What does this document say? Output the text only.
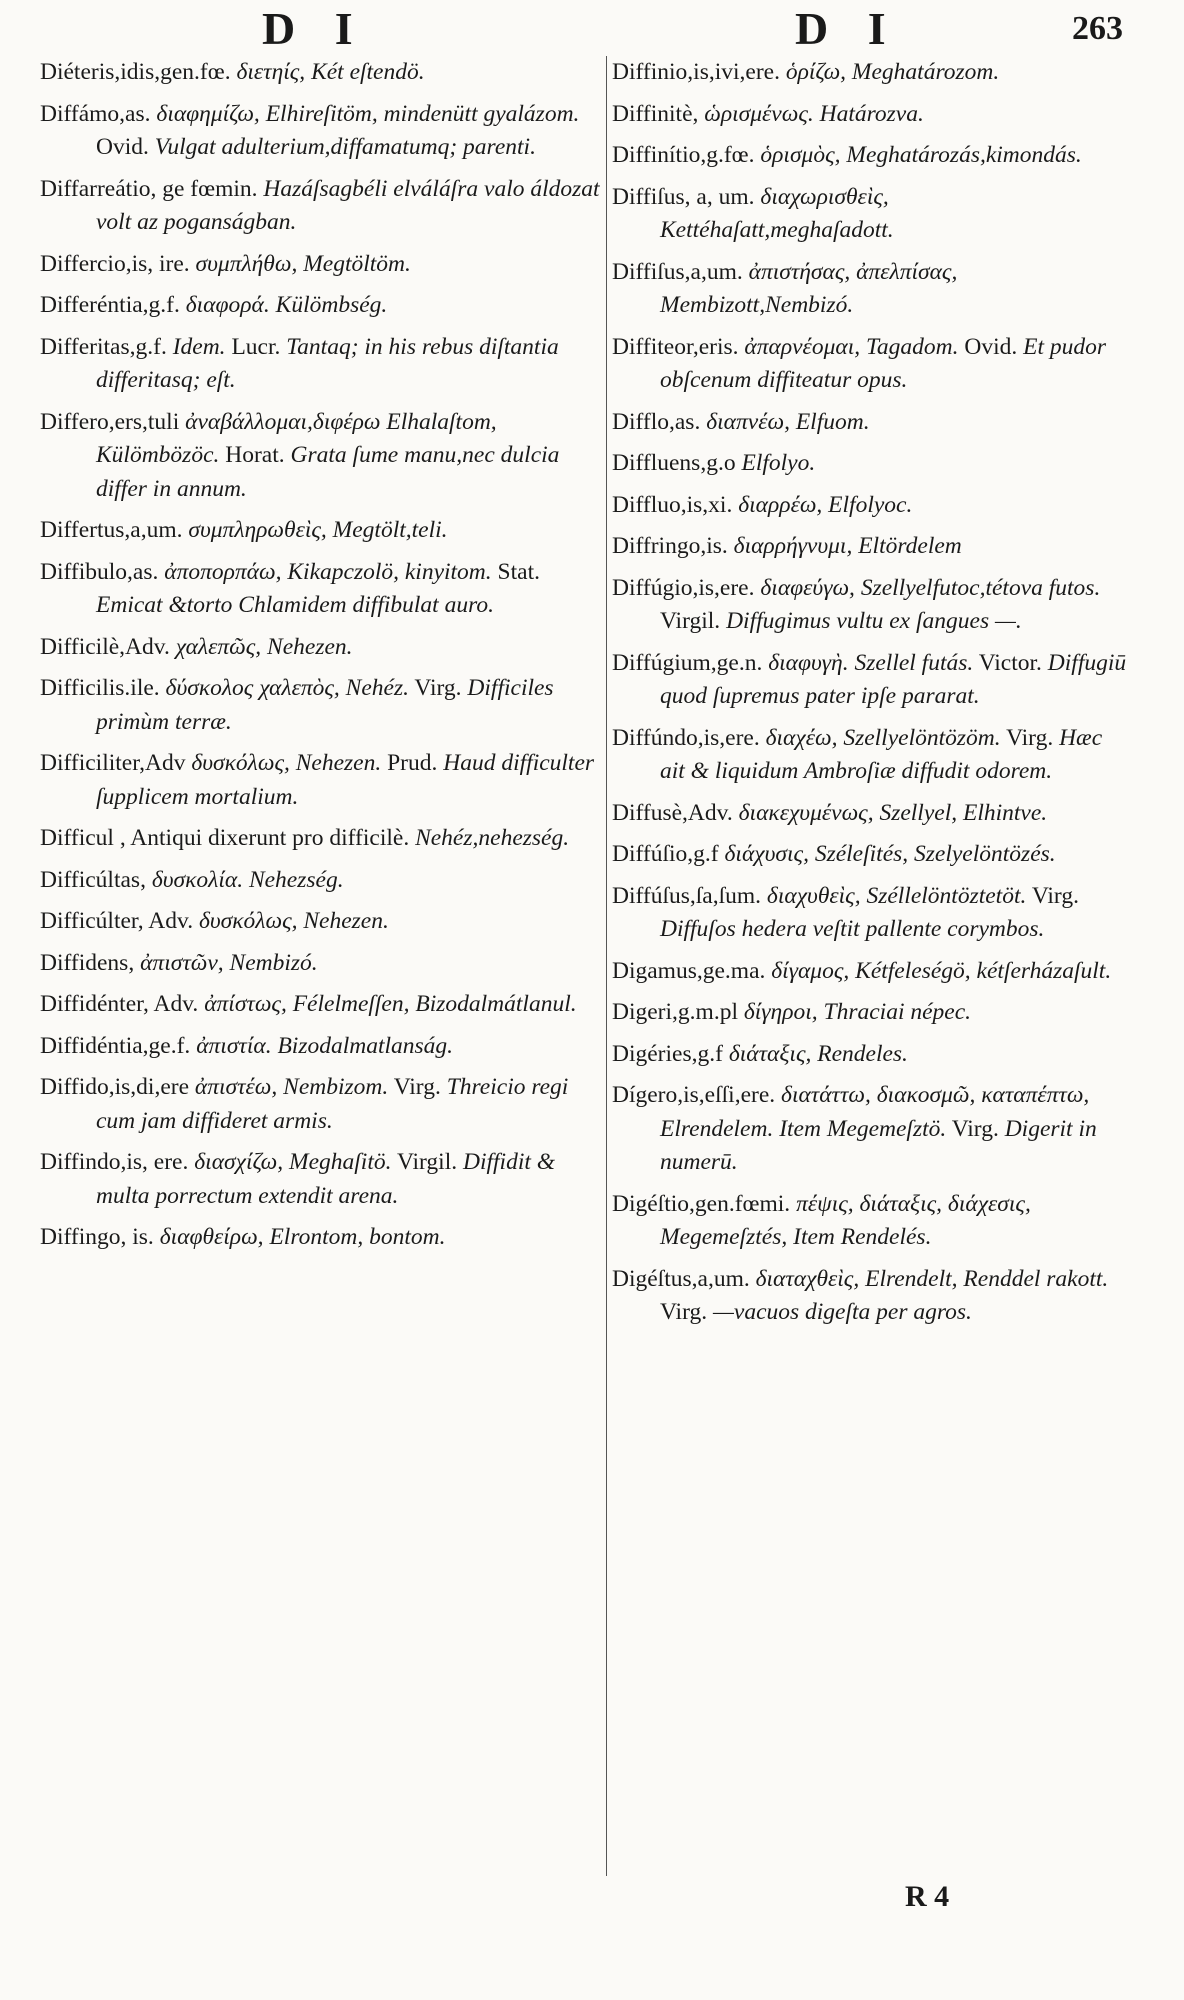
D I	D I	263
Diéteris,idis,gen.fœ. διετηίς, Két eſtendö.
Diffámo,as. διαφημίζω, Elhireſitöm, mindenütt gyalázom. Ovid. Vulgat adulterium,diffamatumq; parenti.
Diffarreátio, ge fœmin. Hazáſsagbéli elváláſra valo áldozat volt az poganságban.
Differcio,is, ire. συμπλήθω, Megtöltöm.
Differéntia,g.f. διαφορά. Külömbség.
Differitas,g.f. Idem. Lucr. Tantaq; in his rebus diſtantia differitasq; eſt.
Differo,ers,tuli ἀναβάλλομαι,διφέρω Elhalaſtom, Külömbözöc. Horat. Grata ſume manu,nec dulcia differ in annum.
Differtus,a,um. συμπληρωθεὶς, Megtölt,teli.
Diffibulo,as. ἀποπορπάω, Kikapczolö, kinyitom. Stat. Emicat &torto Chlamidem diffibulat auro.
Difficilè,Adv. χαλεπῶς, Nehezen.
Difficilis.ile. δύσκολος χαλεπὸς, Nehéz. Virg. Difficiles primùm terræ.
Difficiliter,Adv δυσκόλως, Nehezen. Prud. Haud difficulter ſupplicem mortalium.
Difficul , Antiqui dixerunt pro difficilè. Nehéz,nehezség.
Difficúltas, δυσκολία. Nehezség.
Difficúlter, Adv. δυσκόλως, Nehezen.
Diffidens, ἀπιστῶν, Nembizó.
Diffidénter, Adv. ἀπίστως, Félelmeſſen, Bizodalmátlanul.
Diffidéntia,ge.f. ἀπιστία. Bizodalmatlanság.
Diffido,is,di,ere ἀπιστέω, Nembizom. Virg. Threicio regi cum jam diffideret armis.
Diffindo,is, ere. διασχίζω, Meghaſitö. Virgil. Diffidit & multa porrectum extendit arena.
Diffingo, is. διαφθείρω, Elrontom, bontom.
Diffinio,is,ivi,ere. ὁρίζω, Meghatározom.
Diffinitè, ὡρισμένως. Határozva.
Diffinítio,g.fœ. ὁρισμὸς, Meghatározás,kimondás.
Diffiſus, a, um. διαχωρισθεὶς, Kettéhaſatt,meghaſadott.
Diffiſus,a,um. ἀπιστήσας, ἀπελπίσας, Membizott,Nembizó.
Diffiteor,eris. ἀπαρνέομαι, Tagadom. Ovid. Et pudor obſcenum diffiteatur opus.
Difflo,as. διαπνέω, Elfuom.
Diffluens,g.o Elfolyo.
Diffluo,is,xi. διαρρέω, Elfolyoc.
Diffringo,is. διαρρήγνυμι, Eltördelem
Diffúgio,is,ere. διαφεύγω, Szellyelfutoc,tétova futos. Virgil. Diffugimus vultu ex ſangues —.
Diffúgium,ge.n. διαφυγὴ. Szellel futás. Victor. Diffugiū quod ſupremus pater ipſe pararat.
Diffúndo,is,ere. διαχέω, Szellyelöntözöm. Virg. Hæc ait & liquidum Ambroſiæ diffudit odorem.
Diffusè,Adv. διακεχυμένως, Szellyel, Elhintve.
Diffúſio,g.f διάχυσις, Széleſités, Szelyelöntözés.
Diffúſus,ſa,ſum. διαχυθεὶς, Széllelöntöztetöt. Virg. Diffuſos hedera veſtit pallente corymbos.
Digamus,ge.ma. δίγαμος, Kétfeleségö, kétſerházaſult.
Digeri,g.m.pl δίγηροι, Thraciai népec.
Digéries,g.f διάταξις, Rendeles.
Dígero,is,eſſi,ere. διατάττω, διακοσμῶ, καταπέπτω, Elrendelem. Item Megemeſztö. Virg. Digerit in numerū.
Digéſtio,gen.fœmi. πέψις, διάταξις, διάχεσις, Megemeſztés, Item Rendelés.
Digéſtus,a,um. διαταχθεὶς, Elrendelt, Renddel rakott. Virg. —vacuos digeſta per agros.
R 4
